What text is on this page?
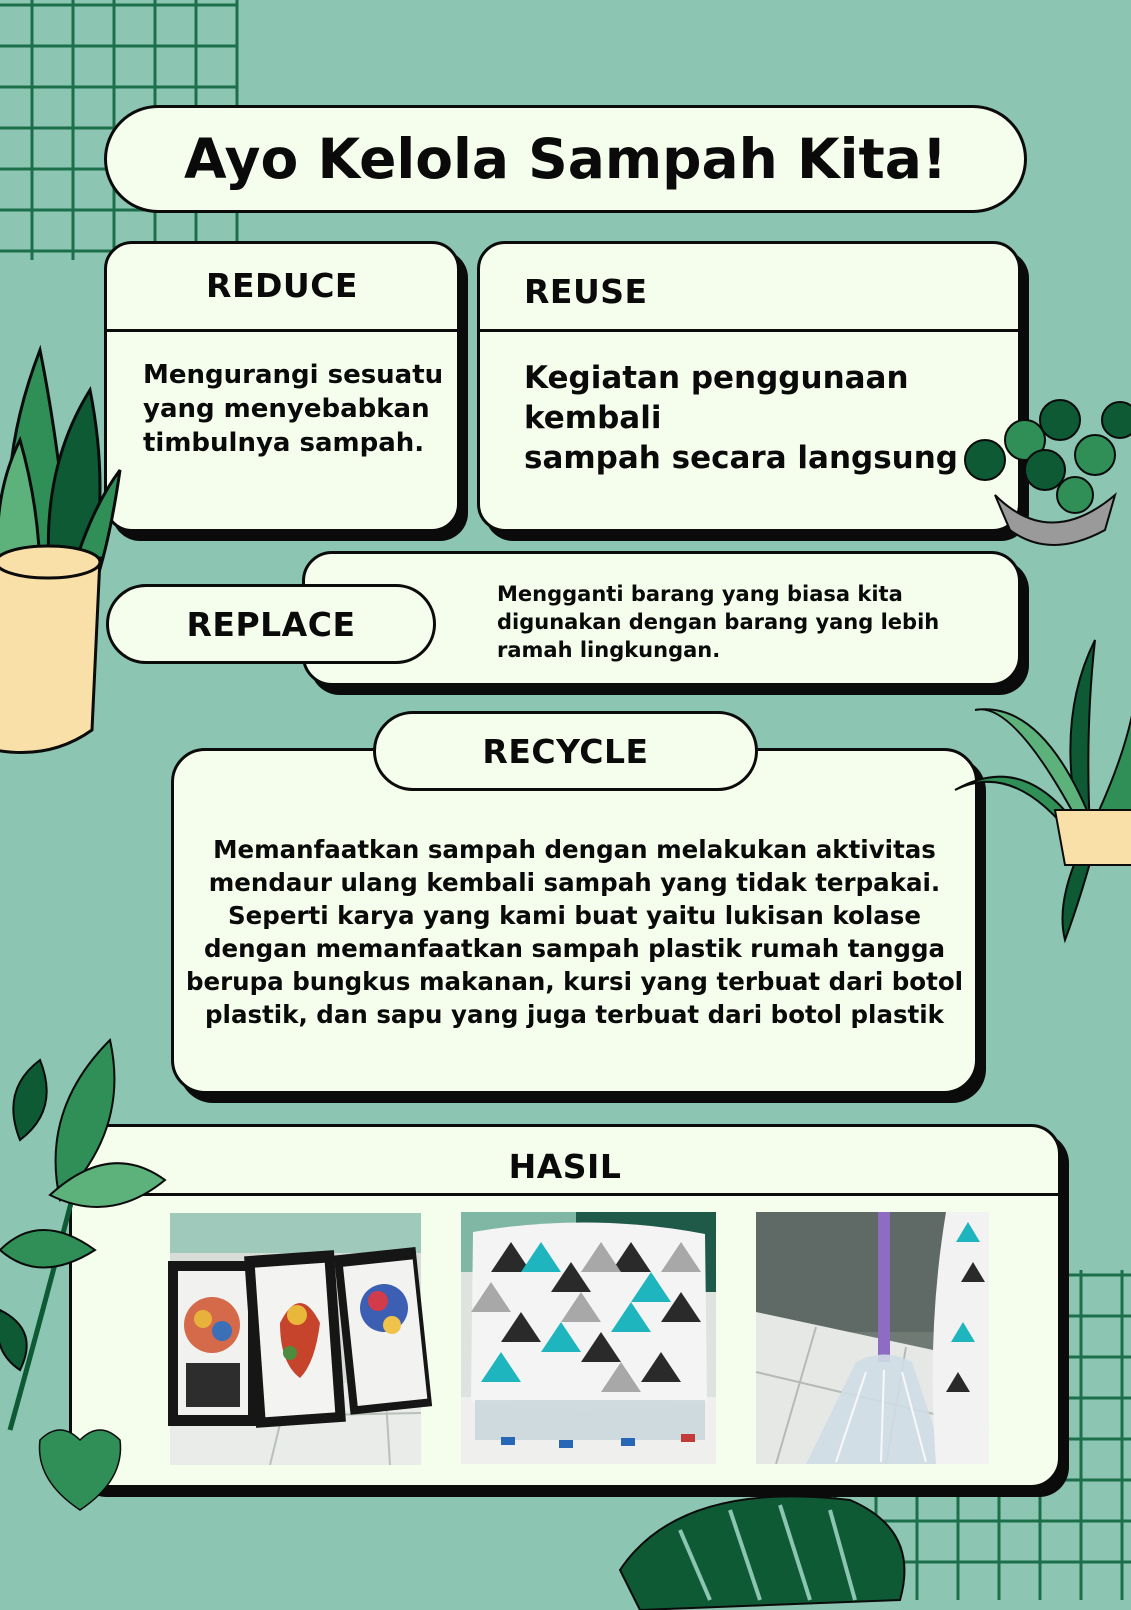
Ayo Kelola Sampah Kita!
REDUCE
Mengurangi sesuatu
yang menyebabkan
timbulnya sampah.
REUSE
Kegiatan penggunaan
kembali
sampah secara langsung
Mengganti barang yang biasa kita
digunakan dengan barang yang lebih
ramah lingkungan.
REPLACE
Memanfaatkan sampah dengan melakukan aktivitas
mendaur ulang kembali sampah yang tidak terpakai.
Seperti karya yang kami buat yaitu lukisan kolase
dengan memanfaatkan sampah plastik rumah tangga
berupa bungkus makanan, kursi yang terbuat dari botol
plastik, dan sapu yang juga terbuat dari botol plastik
RECYCLE
HASIL
